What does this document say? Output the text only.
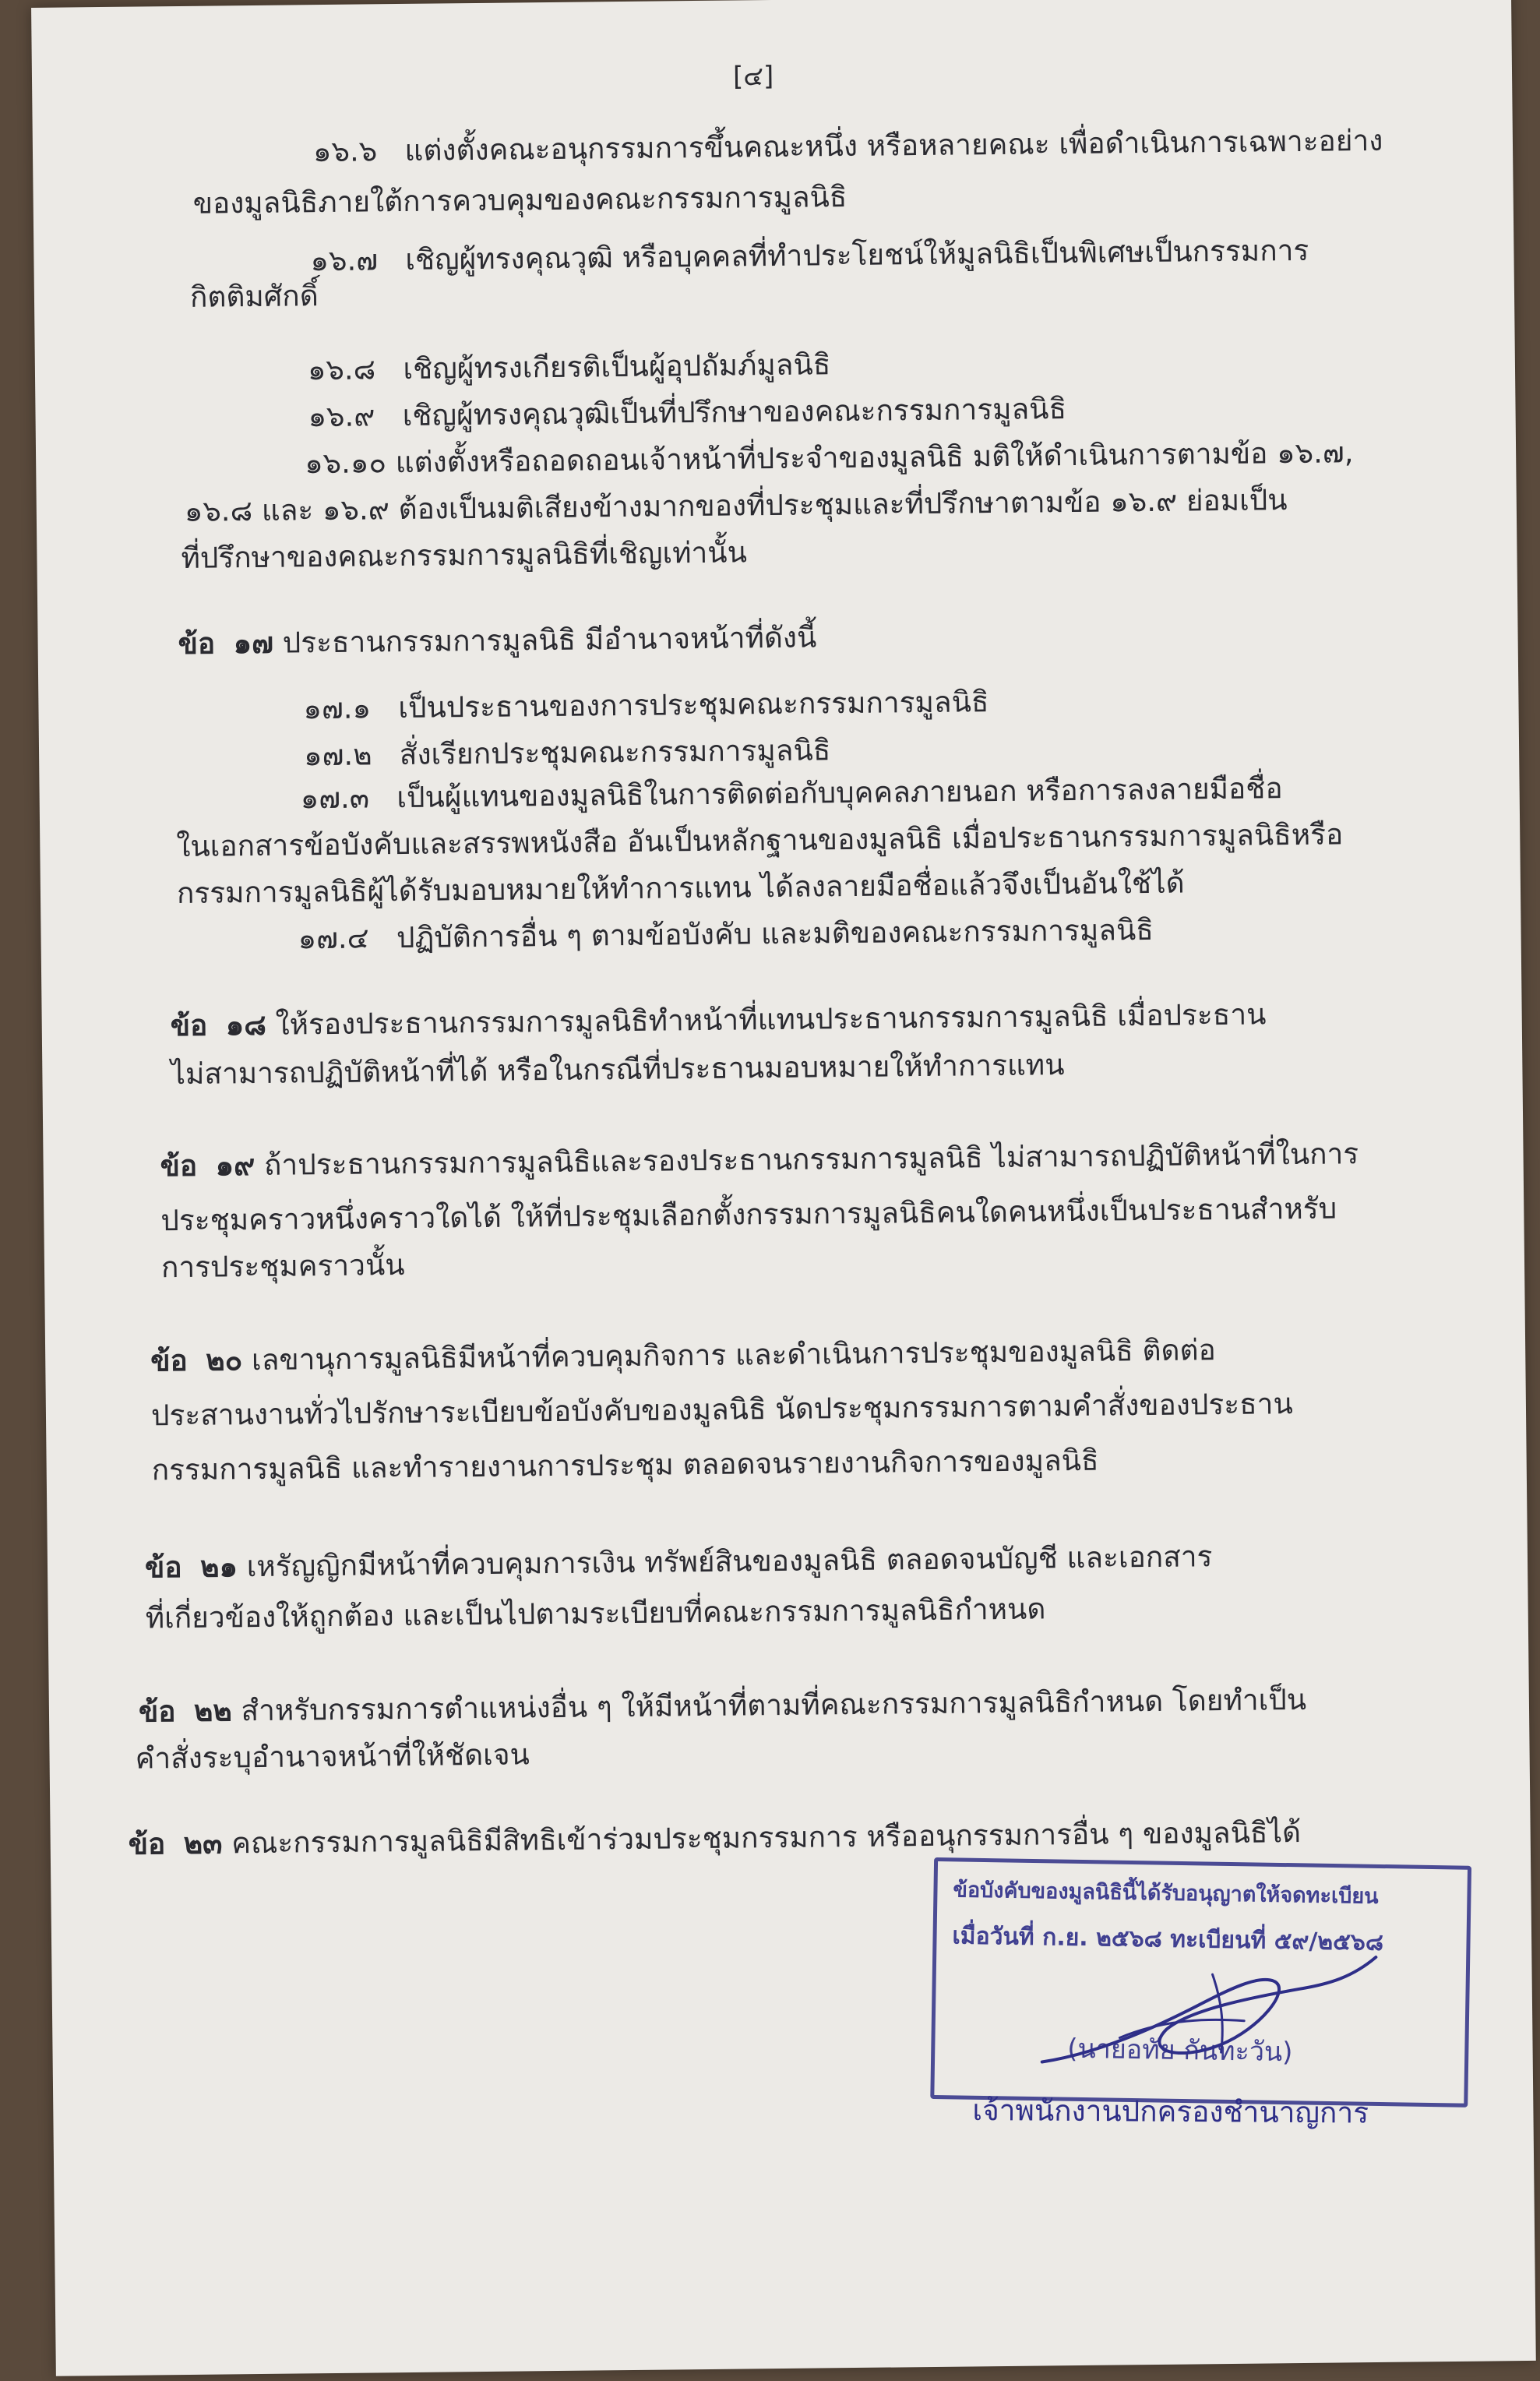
[๔]
๑๖.๖ แต่งตั้งคณะอนุกรรมการขึ้นคณะหนึ่ง หรือหลายคณะ เพื่อดำเนินการเฉพาะอย่าง
ของมูลนิธิภายใต้การควบคุมของคณะกรรมการมูลนิธิ
๑๖.๗ เชิญผู้ทรงคุณวุฒิ หรือบุคคลที่ทำประโยชน์ให้มูลนิธิเป็นพิเศษเป็นกรรมการ
กิตติมศักดิ์
๑๖.๘ เชิญผู้ทรงเกียรติเป็นผู้อุปถัมภ์มูลนิธิ
๑๖.๙ เชิญผู้ทรงคุณวุฒิเป็นที่ปรึกษาของคณะกรรมการมูลนิธิ
๑๖.๑๐ แต่งตั้งหรือถอดถอนเจ้าหน้าที่ประจำของมูลนิธิ มติให้ดำเนินการตามข้อ ๑๖.๗,
๑๖.๘ และ ๑๖.๙ ต้องเป็นมติเสียงข้างมากของที่ประชุมและที่ปรึกษาตามข้อ ๑๖.๙ ย่อมเป็น
ที่ปรึกษาของคณะกรรมการมูลนิธิที่เชิญเท่านั้น
ข้อ ๑๗ ประธานกรรมการมูลนิธิ มีอำนาจหน้าที่ดังนี้
๑๗.๑ เป็นประธานของการประชุมคณะกรรมการมูลนิธิ
๑๗.๒ สั่งเรียกประชุมคณะกรรมการมูลนิธิ
๑๗.๓ เป็นผู้แทนของมูลนิธิในการติดต่อกับบุคคลภายนอก หรือการลงลายมือชื่อ
ในเอกสารข้อบังคับและสรรพหนังสือ อันเป็นหลักฐานของมูลนิธิ เมื่อประธานกรรมการมูลนิธิหรือ
กรรมการมูลนิธิผู้ได้รับมอบหมายให้ทำการแทน ได้ลงลายมือชื่อแล้วจึงเป็นอันใช้ได้
๑๗.๔ ปฏิบัติการอื่น ๆ ตามข้อบังคับ และมติของคณะกรรมการมูลนิธิ
ข้อ ๑๘ ให้รองประธานกรรมการมูลนิธิทำหน้าที่แทนประธานกรรมการมูลนิธิ เมื่อประธาน
ไม่สามารถปฏิบัติหน้าที่ได้ หรือในกรณีที่ประธานมอบหมายให้ทำการแทน
ข้อ ๑๙ ถ้าประธานกรรมการมูลนิธิและรองประธานกรรมการมูลนิธิ ไม่สามารถปฏิบัติหน้าที่ในการ
ประชุมคราวหนึ่งคราวใดได้ ให้ที่ประชุมเลือกตั้งกรรมการมูลนิธิคนใดคนหนึ่งเป็นประธานสำหรับ
การประชุมคราวนั้น
ข้อ ๒๐ เลขานุการมูลนิธิมีหน้าที่ควบคุมกิจการ และดำเนินการประชุมของมูลนิธิ ติดต่อ
ประสานงานทั่วไปรักษาระเบียบข้อบังคับของมูลนิธิ นัดประชุมกรรมการตามคำสั่งของประธาน
กรรมการมูลนิธิ และทำรายงานการประชุม ตลอดจนรายงานกิจการของมูลนิธิ
ข้อ ๒๑ เหรัญญิกมีหน้าที่ควบคุมการเงิน ทรัพย์สินของมูลนิธิ ตลอดจนบัญชี และเอกสาร
ที่เกี่ยวข้องให้ถูกต้อง และเป็นไปตามระเบียบที่คณะกรรมการมูลนิธิกำหนด
ข้อ ๒๒ สำหรับกรรมการตำแหน่งอื่น ๆ ให้มีหน้าที่ตามที่คณะกรรมการมูลนิธิกำหนด โดยทำเป็น
คำสั่งระบุอำนาจหน้าที่ให้ชัดเจน
ข้อ ๒๓ คณะกรรมการมูลนิธิมีสิทธิเข้าร่วมประชุมกรรมการ หรืออนุกรรมการอื่น ๆ ของมูลนิธิได้
ข้อบังคับของมูลนิธินี้ได้รับอนุญาตให้จดทะเบียน
เมื่อวันที่ ก.ย. ๒๕๖๘ ทะเบียนที่ ๕๙/๒๕๖๘
(นายอทัย กันทะวัน)
เจ้าพนักงานปกครองชำนาญการ
